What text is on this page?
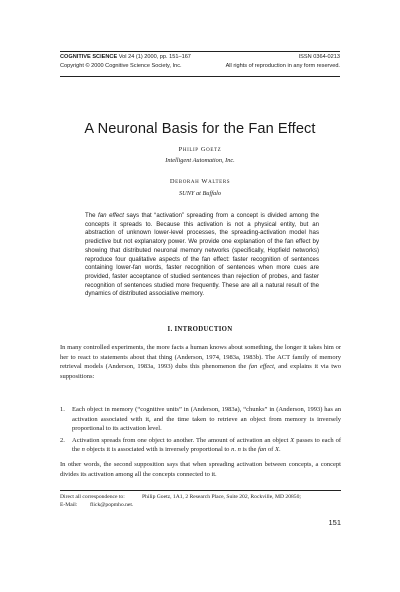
COGNITIVE SCIENCE Vol 24 (1) 2000, pp. 151–167	ISSN 0364-0213
Copyright © 2000 Cognitive Science Society, Inc.	All rights of reproduction in any form reserved.
A Neuronal Basis for the Fan Effect
Philip Goetz
Intelligent Automation, Inc.
Deborah Walters
SUNY at Buffalo
The fan effect says that “activation” spreading from a concept is divided among the concepts it spreads to. Because this activation is not a physical entity, but an abstraction of unknown lower-level processes, the spreading-activation model has predictive but not explanatory power. We provide one explanation of the fan effect by showing that distributed neuronal memory networks (specifically, Hopfield networks) reproduce four qualitative aspects of the fan effect: faster recognition of sentences containing lower-fan words, faster recognition of sentences when more cues are provided, faster acceptance of studied sentences than rejection of probes, and faster recognition of sentences studied more frequently. These are all a natural result of the dynamics of distributed associative memory.
I. INTRODUCTION
In many controlled experiments, the more facts a human knows about something, the longer it takes him or her to react to statements about that thing (Anderson, 1974, 1983a, 1983b). The ACT family of memory retrieval models (Anderson, 1983a, 1993) dubs this phenomenon the fan effect, and explains it via two suppositions:
1.	Each object in memory (“cognitive units” in (Anderson, 1983a), “chunks” in (Anderson, 1993) has an activation associated with it, and the time taken to retrieve an object from memory is inversely proportional to its activation level.
2.	Activation spreads from one object to another. The amount of activation an object X passes to each of the n objects it is associated with is inversely proportional to n. n is the fan of X.
In other words, the second supposition says that when spreading activation between concepts, a concept divides its activation among all the concepts connected to it.
Direct all correspondence to:	Philip Goetz, 1A1, 2 Research Place, Suite 202, Rockville, MD 20850;
E-Mail:	flick@popmho.net.
151
